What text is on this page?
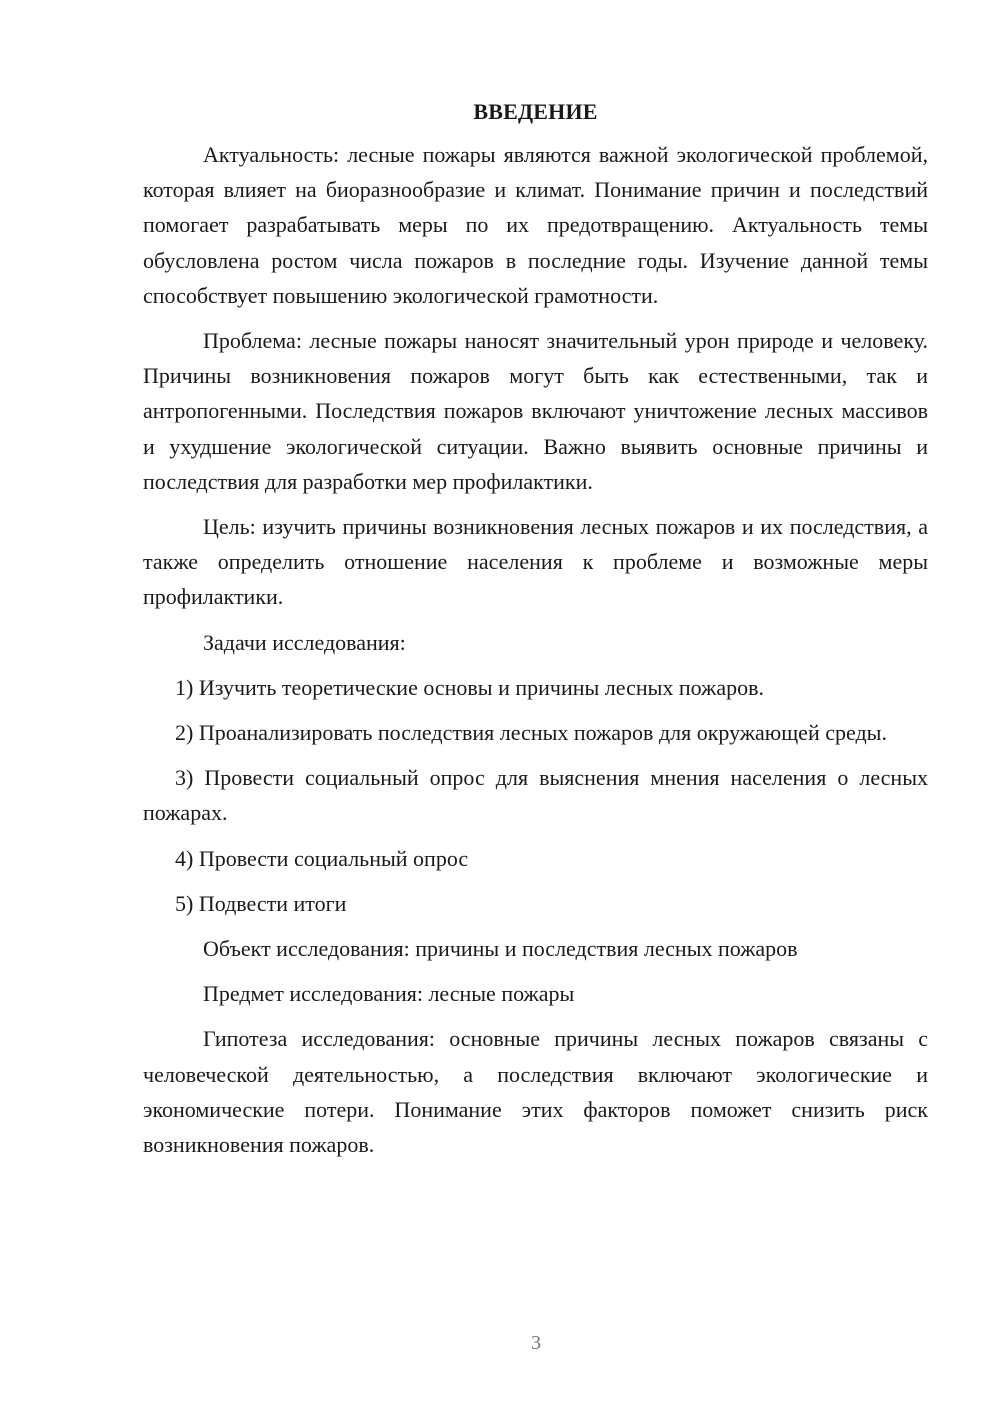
ВВЕДЕНИЕ

Актуальность: лесные пожары являются важной экологической проблемой, которая влияет на биоразнообразие и климат. Понимание причин и последствий помогает разрабатывать меры по их предотвращению. Актуальность темы обусловлена ростом числа пожаров в последние годы. Изучение данной темы способствует повышению экологической грамотности.

Проблема: лесные пожары наносят значительный урон природе и человеку. Причины возникновения пожаров могут быть как естественными, так и антропогенными. Последствия пожаров включают уничтожение лесных массивов и ухудшение экологической ситуации. Важно выявить основные причины и последствия для разработки мер профилактики.

Цель: изучить причины возникновения лесных пожаров и их последствия, а также определить отношение населения к проблеме и возможные меры профилактики.

Задачи исследования:

1) Изучить теоретические основы и причины лесных пожаров.

2) Проанализировать последствия лесных пожаров для окружающей среды.

3) Провести социальный опрос для выяснения мнения населения о лесных пожарах.

4) Провести социальный опрос

5) Подвести итоги

Объект исследования: причины и последствия лесных пожаров

Предмет исследования: лесные пожары

Гипотеза исследования: основные причины лесных пожаров связаны с человеческой деятельностью, а последствия включают экологические и экономические потери. Понимание этих факторов поможет снизить риск возникновения пожаров.

3
